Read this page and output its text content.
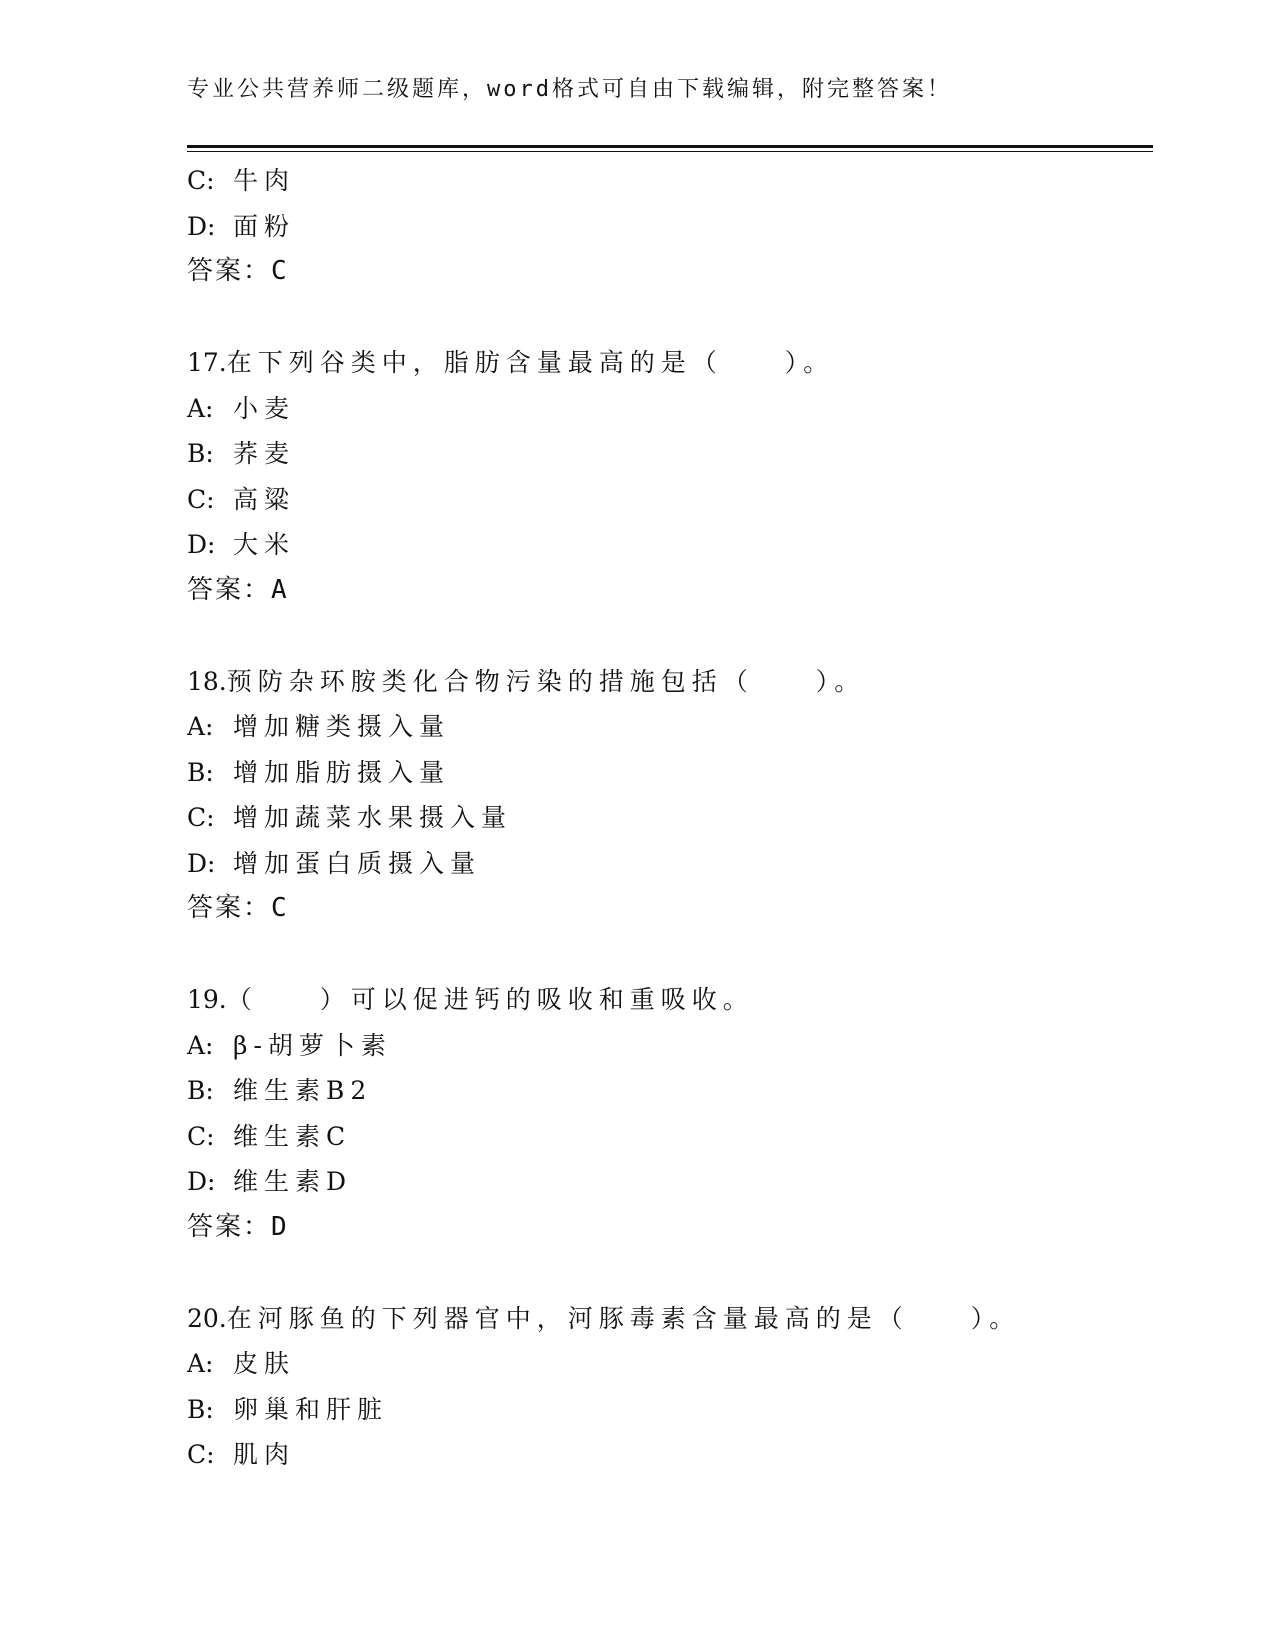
专业公共营养师二级题库，word格式可自由下载编辑，附完整答案！
C: 牛肉
D: 面粉
答案：C
17.在下列谷类中，脂肪含量最高的是（　　）。
A: 小麦
B: 荞麦
C: 高粱
D: 大米
答案：A
18.预防杂环胺类化合物污染的措施包括（　　）。
A: 增加糖类摄入量
B: 增加脂肪摄入量
C: 增加蔬菜水果摄入量
D: 增加蛋白质摄入量
答案：C
19.（　　）可以促进钙的吸收和重吸收。
A: β-胡萝卜素
B: 维生素B2
C: 维生素C
D: 维生素D
答案：D
20.在河豚鱼的下列器官中，河豚毒素含量最高的是（　　）。
A: 皮肤
B: 卵巢和肝脏
C: 肌肉
